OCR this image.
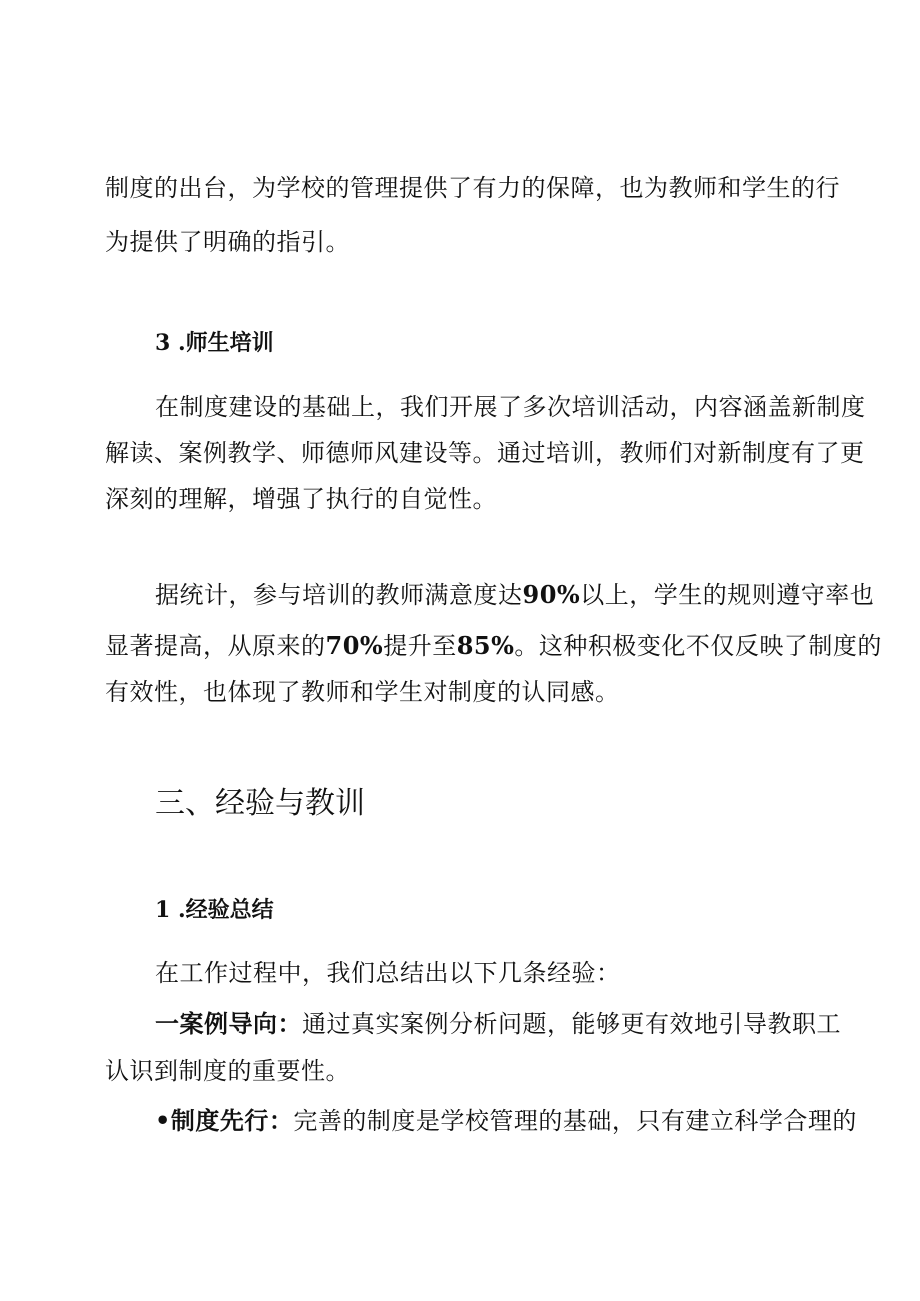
制度的出台，为学校的管理提供了有力的保障，也为教师和学生的行
为提供了明确的指引。
3 .师生培训
在制度建设的基础上，我们开展了多次培训活动，内容涵盖新制度
解读、案例教学、师德师风建设等。通过培训，教师们对新制度有了更
深刻的理解，增强了执行的自觉性。
据统计，参与培训的教师满意度达90%以上，学生的规则遵守率也
显著提高，从原来的70%提升至85%。这种积极变化不仅反映了制度的
有效性，也体现了教师和学生对制度的认同感。
三、经验与教训
1 .经验总结
在工作过程中，我们总结出以下几条经验：
一案例导向：通过真实案例分析问题，能够更有效地引导教职工
认识到制度的重要性。
•制度先行：完善的制度是学校管理的基础，只有建立科学合理的
